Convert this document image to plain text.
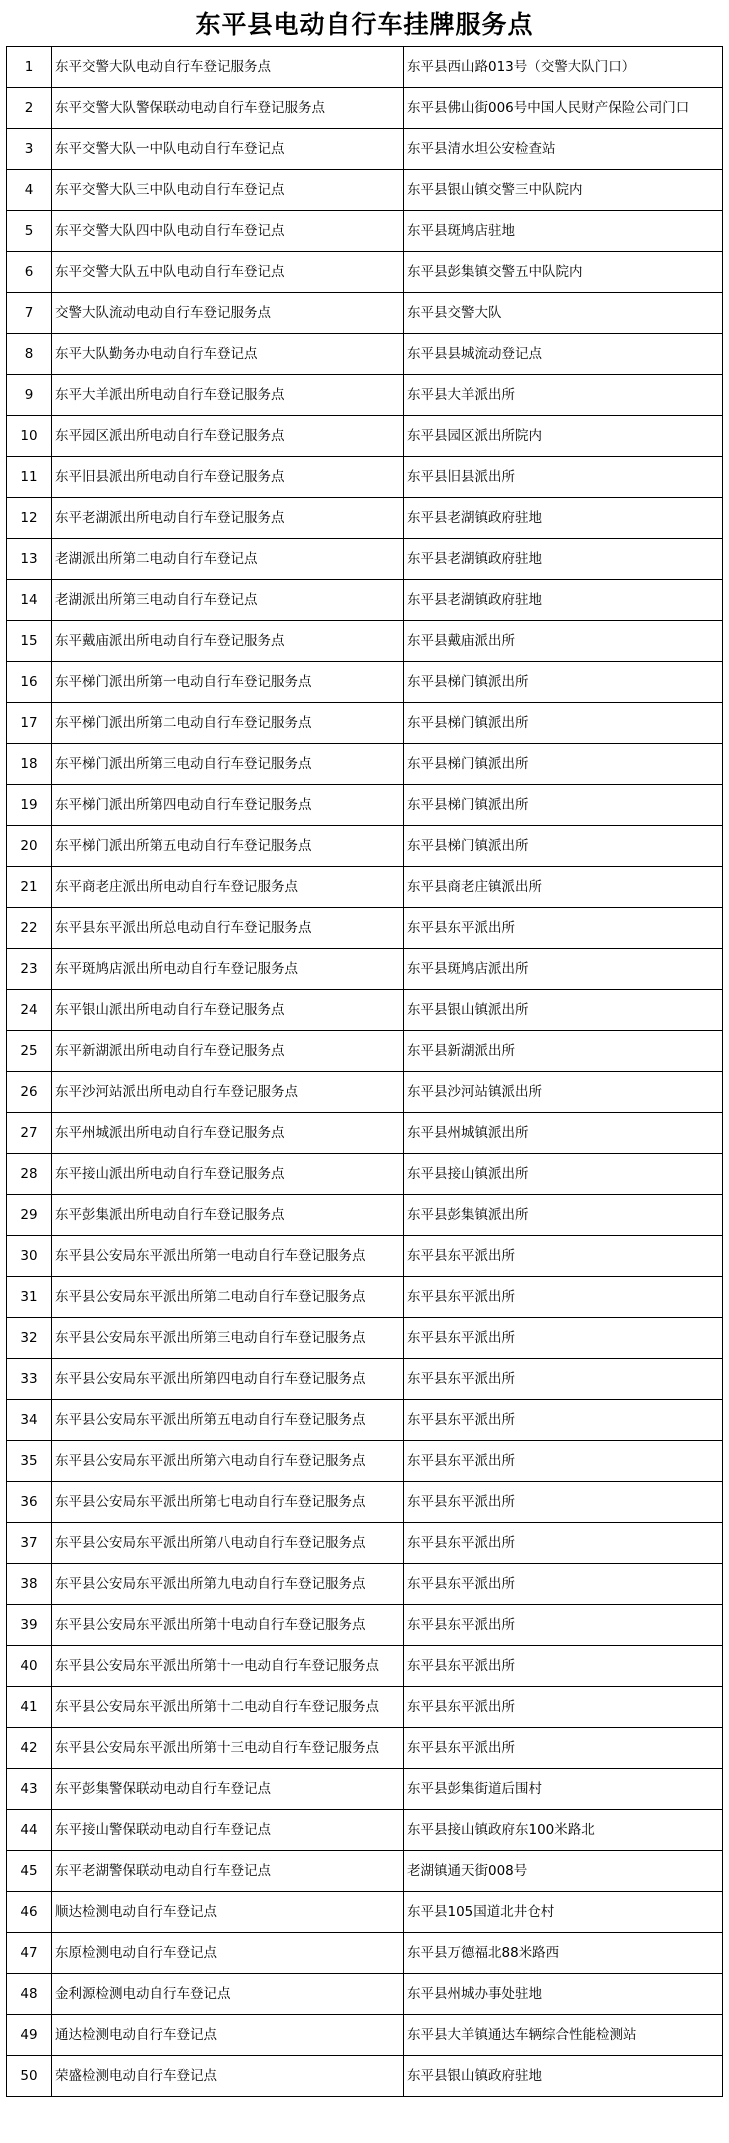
东平县电动自行车挂牌服务点
1	东平交警大队电动自行车登记服务点	东平县西山路013号（交警大队门口）
2	东平交警大队警保联动电动自行车登记服务点	东平县佛山街006号中国人民财产保险公司门口
3	东平交警大队一中队电动自行车登记点	东平县清水坦公安检查站
4	东平交警大队三中队电动自行车登记点	东平县银山镇交警三中队院内
5	东平交警大队四中队电动自行车登记点	东平县斑鸠店驻地
6	东平交警大队五中队电动自行车登记点	东平县彭集镇交警五中队院内
7	交警大队流动电动自行车登记服务点	东平县交警大队
8	东平大队勤务办电动自行车登记点	东平县县城流动登记点
9	东平大羊派出所电动自行车登记服务点	东平县大羊派出所
10	东平园区派出所电动自行车登记服务点	东平县园区派出所院内
11	东平旧县派出所电动自行车登记服务点	东平县旧县派出所
12	东平老湖派出所电动自行车登记服务点	东平县老湖镇政府驻地
13	老湖派出所第二电动自行车登记点	东平县老湖镇政府驻地
14	老湖派出所第三电动自行车登记点	东平县老湖镇政府驻地
15	东平戴庙派出所电动自行车登记服务点	东平县戴庙派出所
16	东平梯门派出所第一电动自行车登记服务点	东平县梯门镇派出所
17	东平梯门派出所第二电动自行车登记服务点	东平县梯门镇派出所
18	东平梯门派出所第三电动自行车登记服务点	东平县梯门镇派出所
19	东平梯门派出所第四电动自行车登记服务点	东平县梯门镇派出所
20	东平梯门派出所第五电动自行车登记服务点	东平县梯门镇派出所
21	东平商老庄派出所电动自行车登记服务点	东平县商老庄镇派出所
22	东平县东平派出所总电动自行车登记服务点	东平县东平派出所
23	东平斑鸠店派出所电动自行车登记服务点	东平县斑鸠店派出所
24	东平银山派出所电动自行车登记服务点	东平县银山镇派出所
25	东平新湖派出所电动自行车登记服务点	东平县新湖派出所
26	东平沙河站派出所电动自行车登记服务点	东平县沙河站镇派出所
27	东平州城派出所电动自行车登记服务点	东平县州城镇派出所
28	东平接山派出所电动自行车登记服务点	东平县接山镇派出所
29	东平彭集派出所电动自行车登记服务点	东平县彭集镇派出所
30	东平县公安局东平派出所第一电动自行车登记服务点	东平县东平派出所
31	东平县公安局东平派出所第二电动自行车登记服务点	东平县东平派出所
32	东平县公安局东平派出所第三电动自行车登记服务点	东平县东平派出所
33	东平县公安局东平派出所第四电动自行车登记服务点	东平县东平派出所
34	东平县公安局东平派出所第五电动自行车登记服务点	东平县东平派出所
35	东平县公安局东平派出所第六电动自行车登记服务点	东平县东平派出所
36	东平县公安局东平派出所第七电动自行车登记服务点	东平县东平派出所
37	东平县公安局东平派出所第八电动自行车登记服务点	东平县东平派出所
38	东平县公安局东平派出所第九电动自行车登记服务点	东平县东平派出所
39	东平县公安局东平派出所第十电动自行车登记服务点	东平县东平派出所
40	东平县公安局东平派出所第十一电动自行车登记服务点	东平县东平派出所
41	东平县公安局东平派出所第十二电动自行车登记服务点	东平县东平派出所
42	东平县公安局东平派出所第十三电动自行车登记服务点	东平县东平派出所
43	东平彭集警保联动电动自行车登记点	东平县彭集街道后围村
44	东平接山警保联动电动自行车登记点	东平县接山镇政府东100米路北
45	东平老湖警保联动电动自行车登记点	老湖镇通天街008号
46	顺达检测电动自行车登记点	东平县105国道北井仓村
47	东原检测电动自行车登记点	东平县万德福北88米路西
48	金利源检测电动自行车登记点	东平县州城办事处驻地
49	通达检测电动自行车登记点	东平县大羊镇通达车辆综合性能检测站
50	荣盛检测电动自行车登记点	东平县银山镇政府驻地
